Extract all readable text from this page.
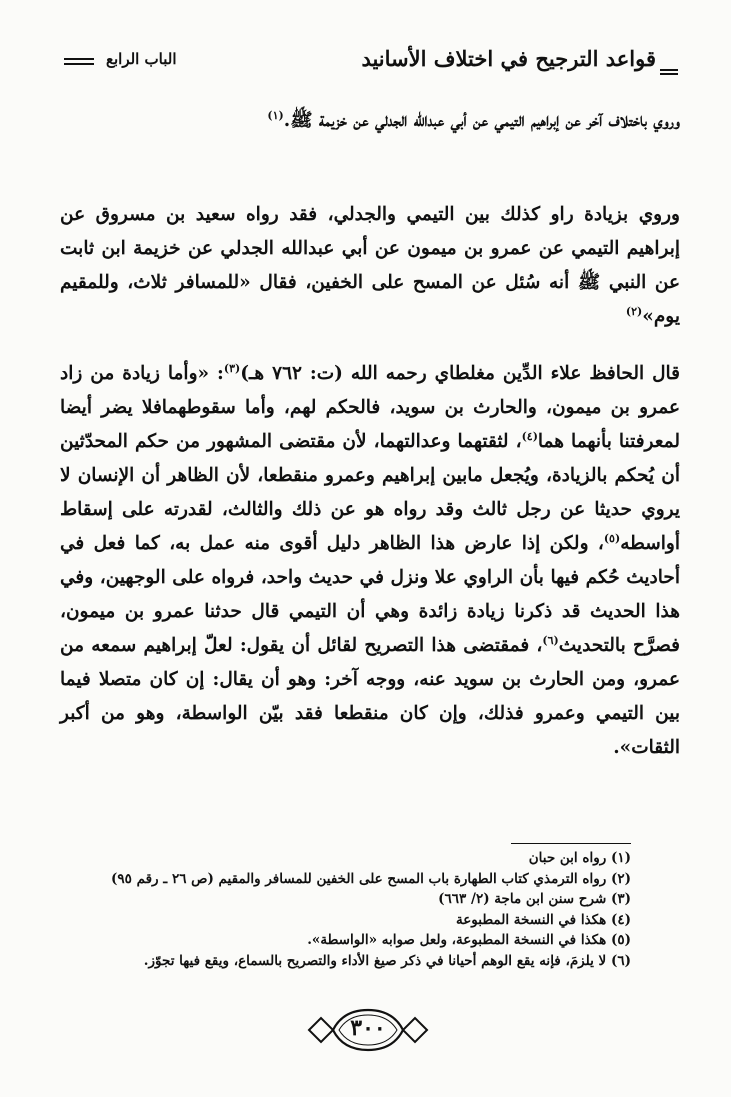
قواعد الترجيح في اختلاف الأسانيد
الباب الرابع

وروي باختلاف آخر عن إبراهيم التيمي عن أبي عبدالله الجدلي عن خزيمة ﷺ.$^{(١)}$

وروي بزيادة راو كذلك بين التيمي والجدلي، فقد رواه سعيد بن مسروق عن إبراهيم التيمي عن عمرو بن ميمون عن أبي عبدالله الجدلي عن خزيمة ابن ثابت عن النبي ﷺ أنه سُئل عن المسح على الخفين، فقال «للمسافر ثلاث، وللمقيم يوم»$^{(٢)}$

قال الحافظ علاء الدِّين مغلطاي رحمه الله (ت: ٧٦٢ هـ)$^{(٣)}$: «وأما زيادة من زاد عمرو بن ميمون، والحارث بن سويد، فالحكم لهم، وأما سقوطهمافلا يضر أيضا لمعرفتنا بأنهما هما$^{(٤)}$، لثقتهما وعدالتهما، لأن مقتضى المشهور من حكم المحدّثين أن يُحكم بالزيادة، ويُجعل مابين إبراهيم وعمرو منقطعا، لأن الظاهر أن الإنسان لا يروي حديثا عن رجل ثالث وقد رواه هو عن ذلك والثالث، لقدرته على إسقاط أواسطه$^{(٥)}$، ولكن إذا عارض هذا الظاهر دليل أقوى منه عمل به، كما فعل في أحاديث حُكم فيها بأن الراوي علا ونزل في حديث واحد، فرواه على الوجهين، وفي هذا الحديث قد ذكرنا زيادة زائدة وهي أن التيمي قال حدثنا عمرو بن ميمون، فصرَّح بالتحديث$^{(٦)}$، فمقتضى هذا التصريح لقائل أن يقول: لعلّ إبراهيم سمعه من عمرو، ومن الحارث بن سويد عنه، ووجه آخر: وهو أن يقال: إن كان متصلا فيما بين التيمي وعمرو فذلك، وإن كان منقطعا فقد بيّن الواسطة، وهو من أكبر الثقات».

(١) رواه ابن حبان
(٢) رواه الترمذي كتاب الطهارة باب المسح على الخفين للمسافر والمقيم (ص ٢٦ ـ رقم ٩٥)
(٣) شرح سنن ابن ماجة (٢/ ٦٦٣)
(٤) هكذا في النسخة المطبوعة
(٥) هكذا في النسخة المطبوعة، ولعل صوابه «الواسطة».
(٦) لا يلزمَ، فإنه يقع الوهم أحيانا في ذكر صيغ الأداء والتصريح بالسماع، ويقع فيها تجوّز.
٣٠٠
